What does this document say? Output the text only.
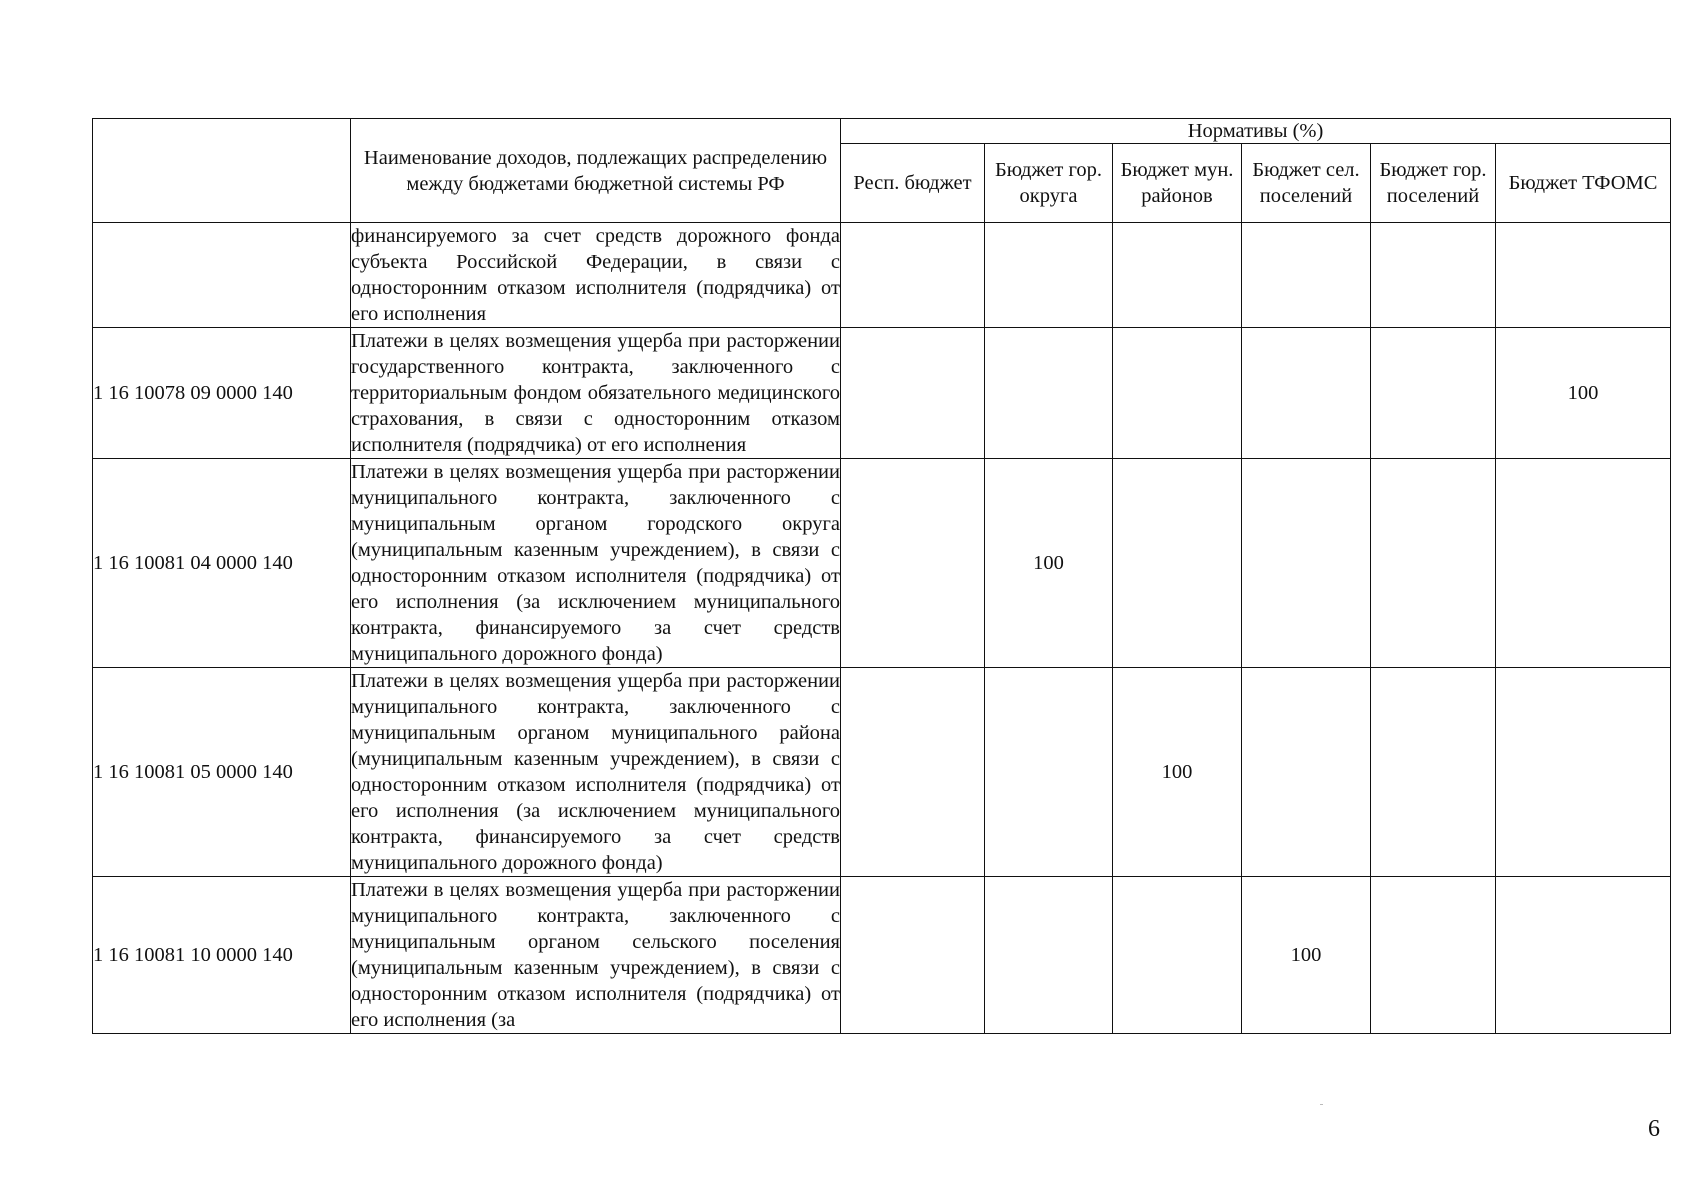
	Наименование доходов, подлежащих распределению между бюджетами бюджетной системы РФ	Нормативы (%)					
		Респ. бюджет	Бюджет гор. округа	Бюджет мун. районов	Бюджет сел. поселений	Бюджет гор. поселений	Бюджет ТФОМС
	финансируемого за счет средств дорожного фонда субъекта Российской Федерации, в связи с односторонним отказом исполнителя (подрядчика) от его исполнения						
1 16 10078 09 0000 140	Платежи в целях возмещения ущерба при расторжении государственного контракта, заключенного с территориальным фондом обязательного медицинского страхования, в связи с односторонним отказом исполнителя (подрядчика) от его исполнения						100
1 16 10081 04 0000 140	Платежи в целях возмещения ущерба при расторжении муниципального контракта, заключенного с муниципальным органом городского округа (муниципальным казенным учреждением), в связи с односторонним отказом исполнителя (подрядчика) от его исполнения (за исключением муниципального контракта, финансируемого за счет средств муниципального дорожного фонда)		100				
1 16 10081 05 0000 140	Платежи в целях возмещения ущерба при расторжении муниципального контракта, заключенного с муниципальным органом муниципального района (муниципальным казенным учреждением), в связи с односторонним отказом исполнителя (подрядчика) от его исполнения (за исключением муниципального контракта, финансируемого за счет средств муниципального дорожного фонда)			100			
1 16 10081 10 0000 140	Платежи в целях возмещения ущерба при расторжении муниципального контракта, заключенного с муниципальным органом сельского поселения (муниципальным казенным учреждением), в связи с односторонним отказом исполнителя (подрядчика) от его исполнения (за				100		
6
